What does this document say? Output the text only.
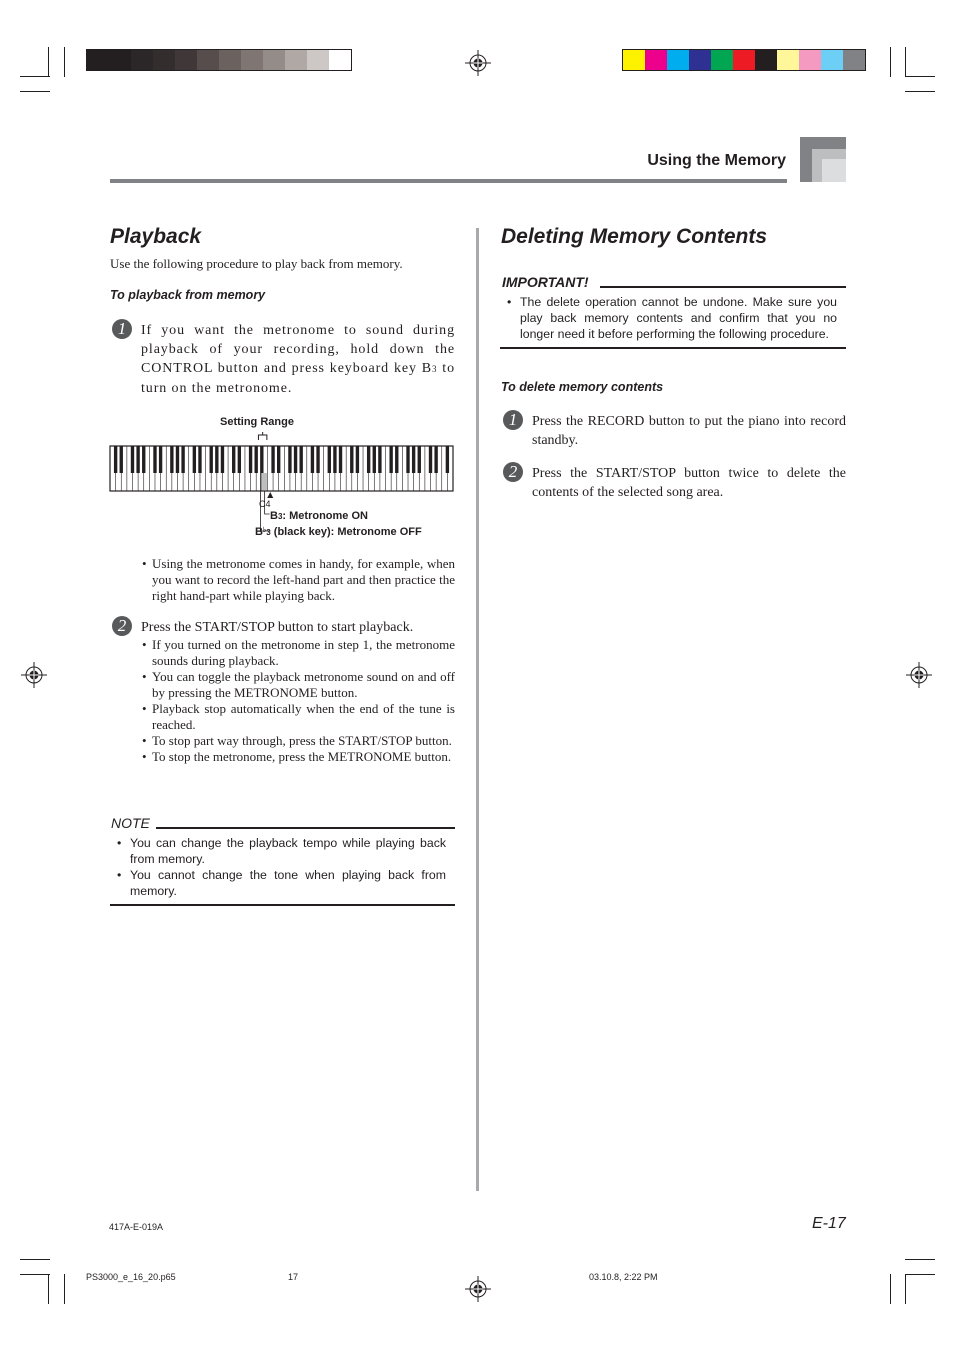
Using the Memory
Playback
Use the following procedure to play back from memory.
To playback from memory
1	If you want the metronome to sound during playback of your recording, hold down the CONTROL button and press keyboard key B3 to turn on the metronome.
Setting Range
C4
B3: Metronome ON
B♭3 (black key): Metronome OFF
• Using the metronome comes in handy, for example, when you want to record the left-hand part and then practice the right hand-part while playing back.
2	Press the START/STOP button to start playback.
• If you turned on the metronome in step 1, the metronome sounds during playback.
• You can toggle the playback metronome sound on and off by pressing the METRONOME button.
• Playback stop automatically when the end of the tune is reached.
• To stop part way through, press the START/STOP button.
• To stop the metronome, press the METRONOME button.
NOTE
• You can change the playback tempo while playing back from memory.
• You cannot change the tone when playing back from memory.
Deleting Memory Contents
IMPORTANT!
• The delete operation cannot be undone. Make sure you play back memory contents and confirm that you no longer need it before performing the following procedure.
To delete memory contents
1	Press the RECORD button to put the piano into record standby.
2	Press the START/STOP button twice to delete the contents of the selected song area.
417A-E-019A	E-17
PS3000_e_16_20.p65	17	03.10.8, 2:22 PM
